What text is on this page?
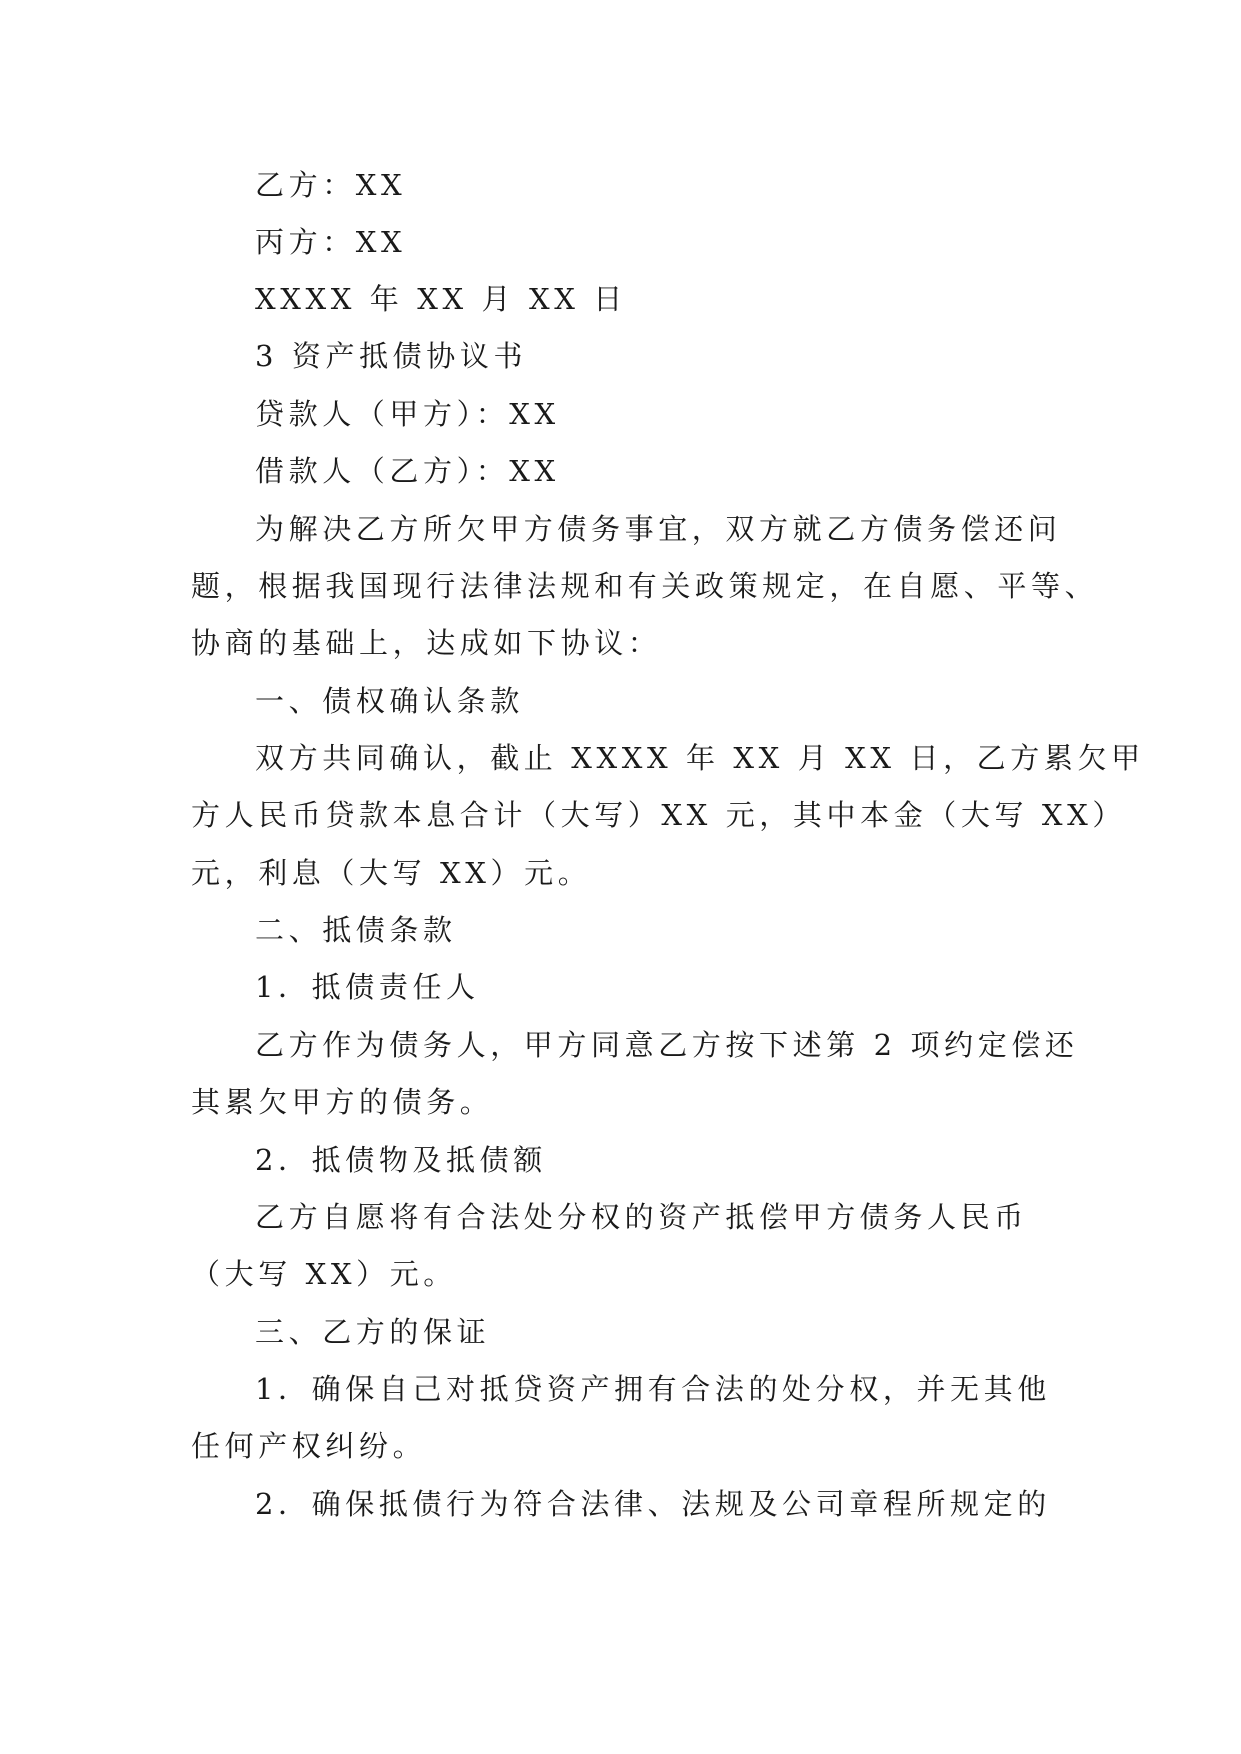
乙方：XX

丙方：XX

XXXX 年 XX 月 XX 日

3 资产抵债协议书

贷款人（甲方）：XX

借款人（乙方）：XX

为解决乙方所欠甲方债务事宜，双方就乙方债务偿还问

题，根据我国现行法律法规和有关政策规定，在自愿、平等、

协商的基础上，达成如下协议：

一、债权确认条款

双方共同确认，截止 XXXX 年 XX 月 XX 日，乙方累欠甲

方人民币贷款本息合计（大写）XX 元，其中本金（大写 XX）

元，利息（大写 XX）元。

二、抵债条款

1．抵债责任人

乙方作为债务人，甲方同意乙方按下述第 2 项约定偿还

其累欠甲方的债务。

2．抵债物及抵债额

乙方自愿将有合法处分权的资产抵偿甲方债务人民币

（大写 XX）元。

三、乙方的保证

1．确保自己对抵贷资产拥有合法的处分权，并无其他

任何产权纠纷。

2．确保抵债行为符合法律、法规及公司章程所规定的
